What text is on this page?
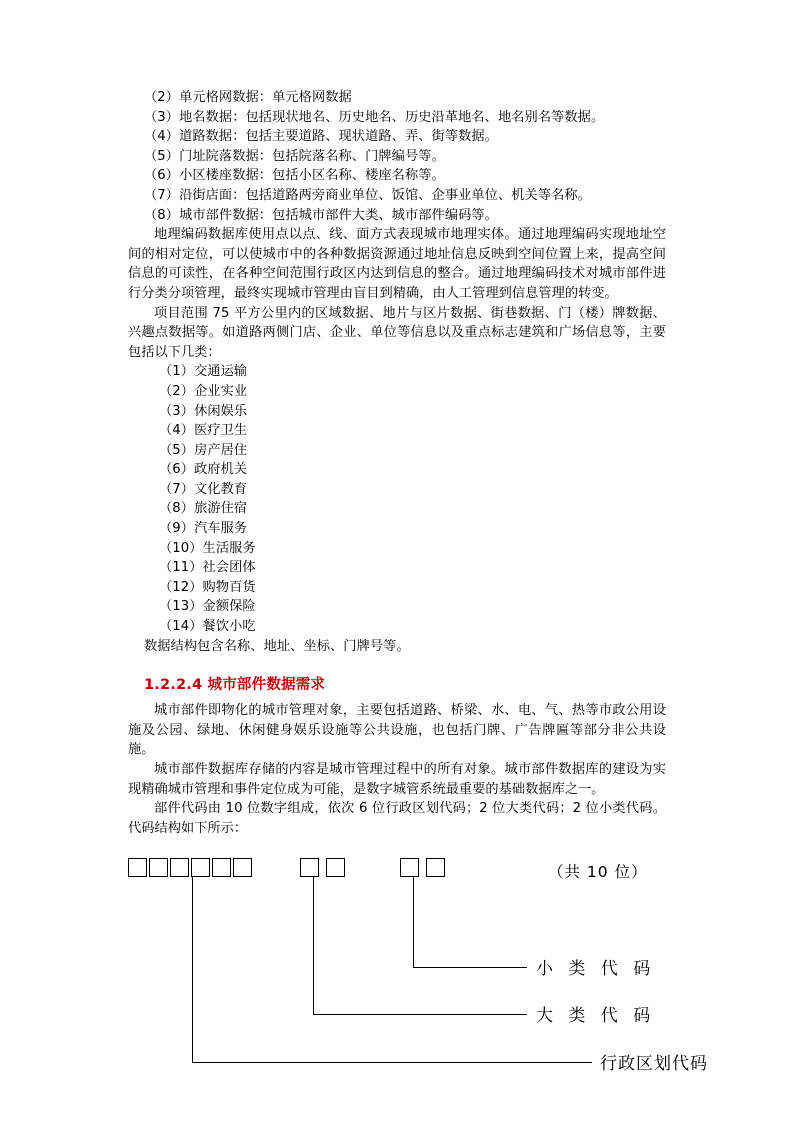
（2）单元格网数据：单元格网数据
（3）地名数据：包括现状地名、历史地名、历史沿革地名、地名别名等数据。
（4）道路数据：包括主要道路、现状道路、弄、街等数据。
（5）门址院落数据：包括院落名称、门牌编号等。
（6）小区楼座数据：包括小区名称、楼座名称等。
（7）沿街店面：包括道路两旁商业单位、饭馆、企事业单位、机关等名称。
（8）城市部件数据：包括城市部件大类、城市部件编码等。
地理编码数据库使用点以点、线、面方式表现城市地理实体。通过地理编码实现地址空间的相对定位，可以使城市中的各种数据资源通过地址信息反映到空间位置上来，提高空间信息的可读性，在各种空间范围行政区内达到信息的整合。通过地理编码技术对城市部件进行分类分项管理，最终实现城市管理由盲目到精确，由人工管理到信息管理的转变。
项目范围 75 平方公里内的区域数据、地片与区片数据、街巷数据、门（楼）牌数据、兴趣点数据等。如道路两侧门店、企业、单位等信息以及重点标志建筑和广场信息等，主要包括以下几类：
（1）交通运输
（2）企业实业
（3）休闲娱乐
（4）医疗卫生
（5）房产居住
（6）政府机关
（7）文化教育
（8）旅游住宿
（9）汽车服务
（10）生活服务
（11）社会团体
（12）购物百货
（13）金额保险
（14）餐饮小吃
数据结构包含名称、地址、坐标、门牌号等。
1.2.2.4 城市部件数据需求
城市部件即物化的城市管理对象，主要包括道路、桥梁、水、电、气、热等市政公用设施及公园、绿地、休闲健身娱乐设施等公共设施，也包括门牌、广告牌匾等部分非公共设施。
城市部件数据库存储的内容是城市管理过程中的所有对象。城市部件数据库的建设为实现精确城市管理和事件定位成为可能，是数字城管系统最重要的基础数据库之一。
部件代码由 10 位数字组成，依次 6 位行政区划代码；2 位大类代码；2 位小类代码。代码结构如下所示：
（共 10 位）
小 类 代 码
大 类 代 码
行政区划代码
